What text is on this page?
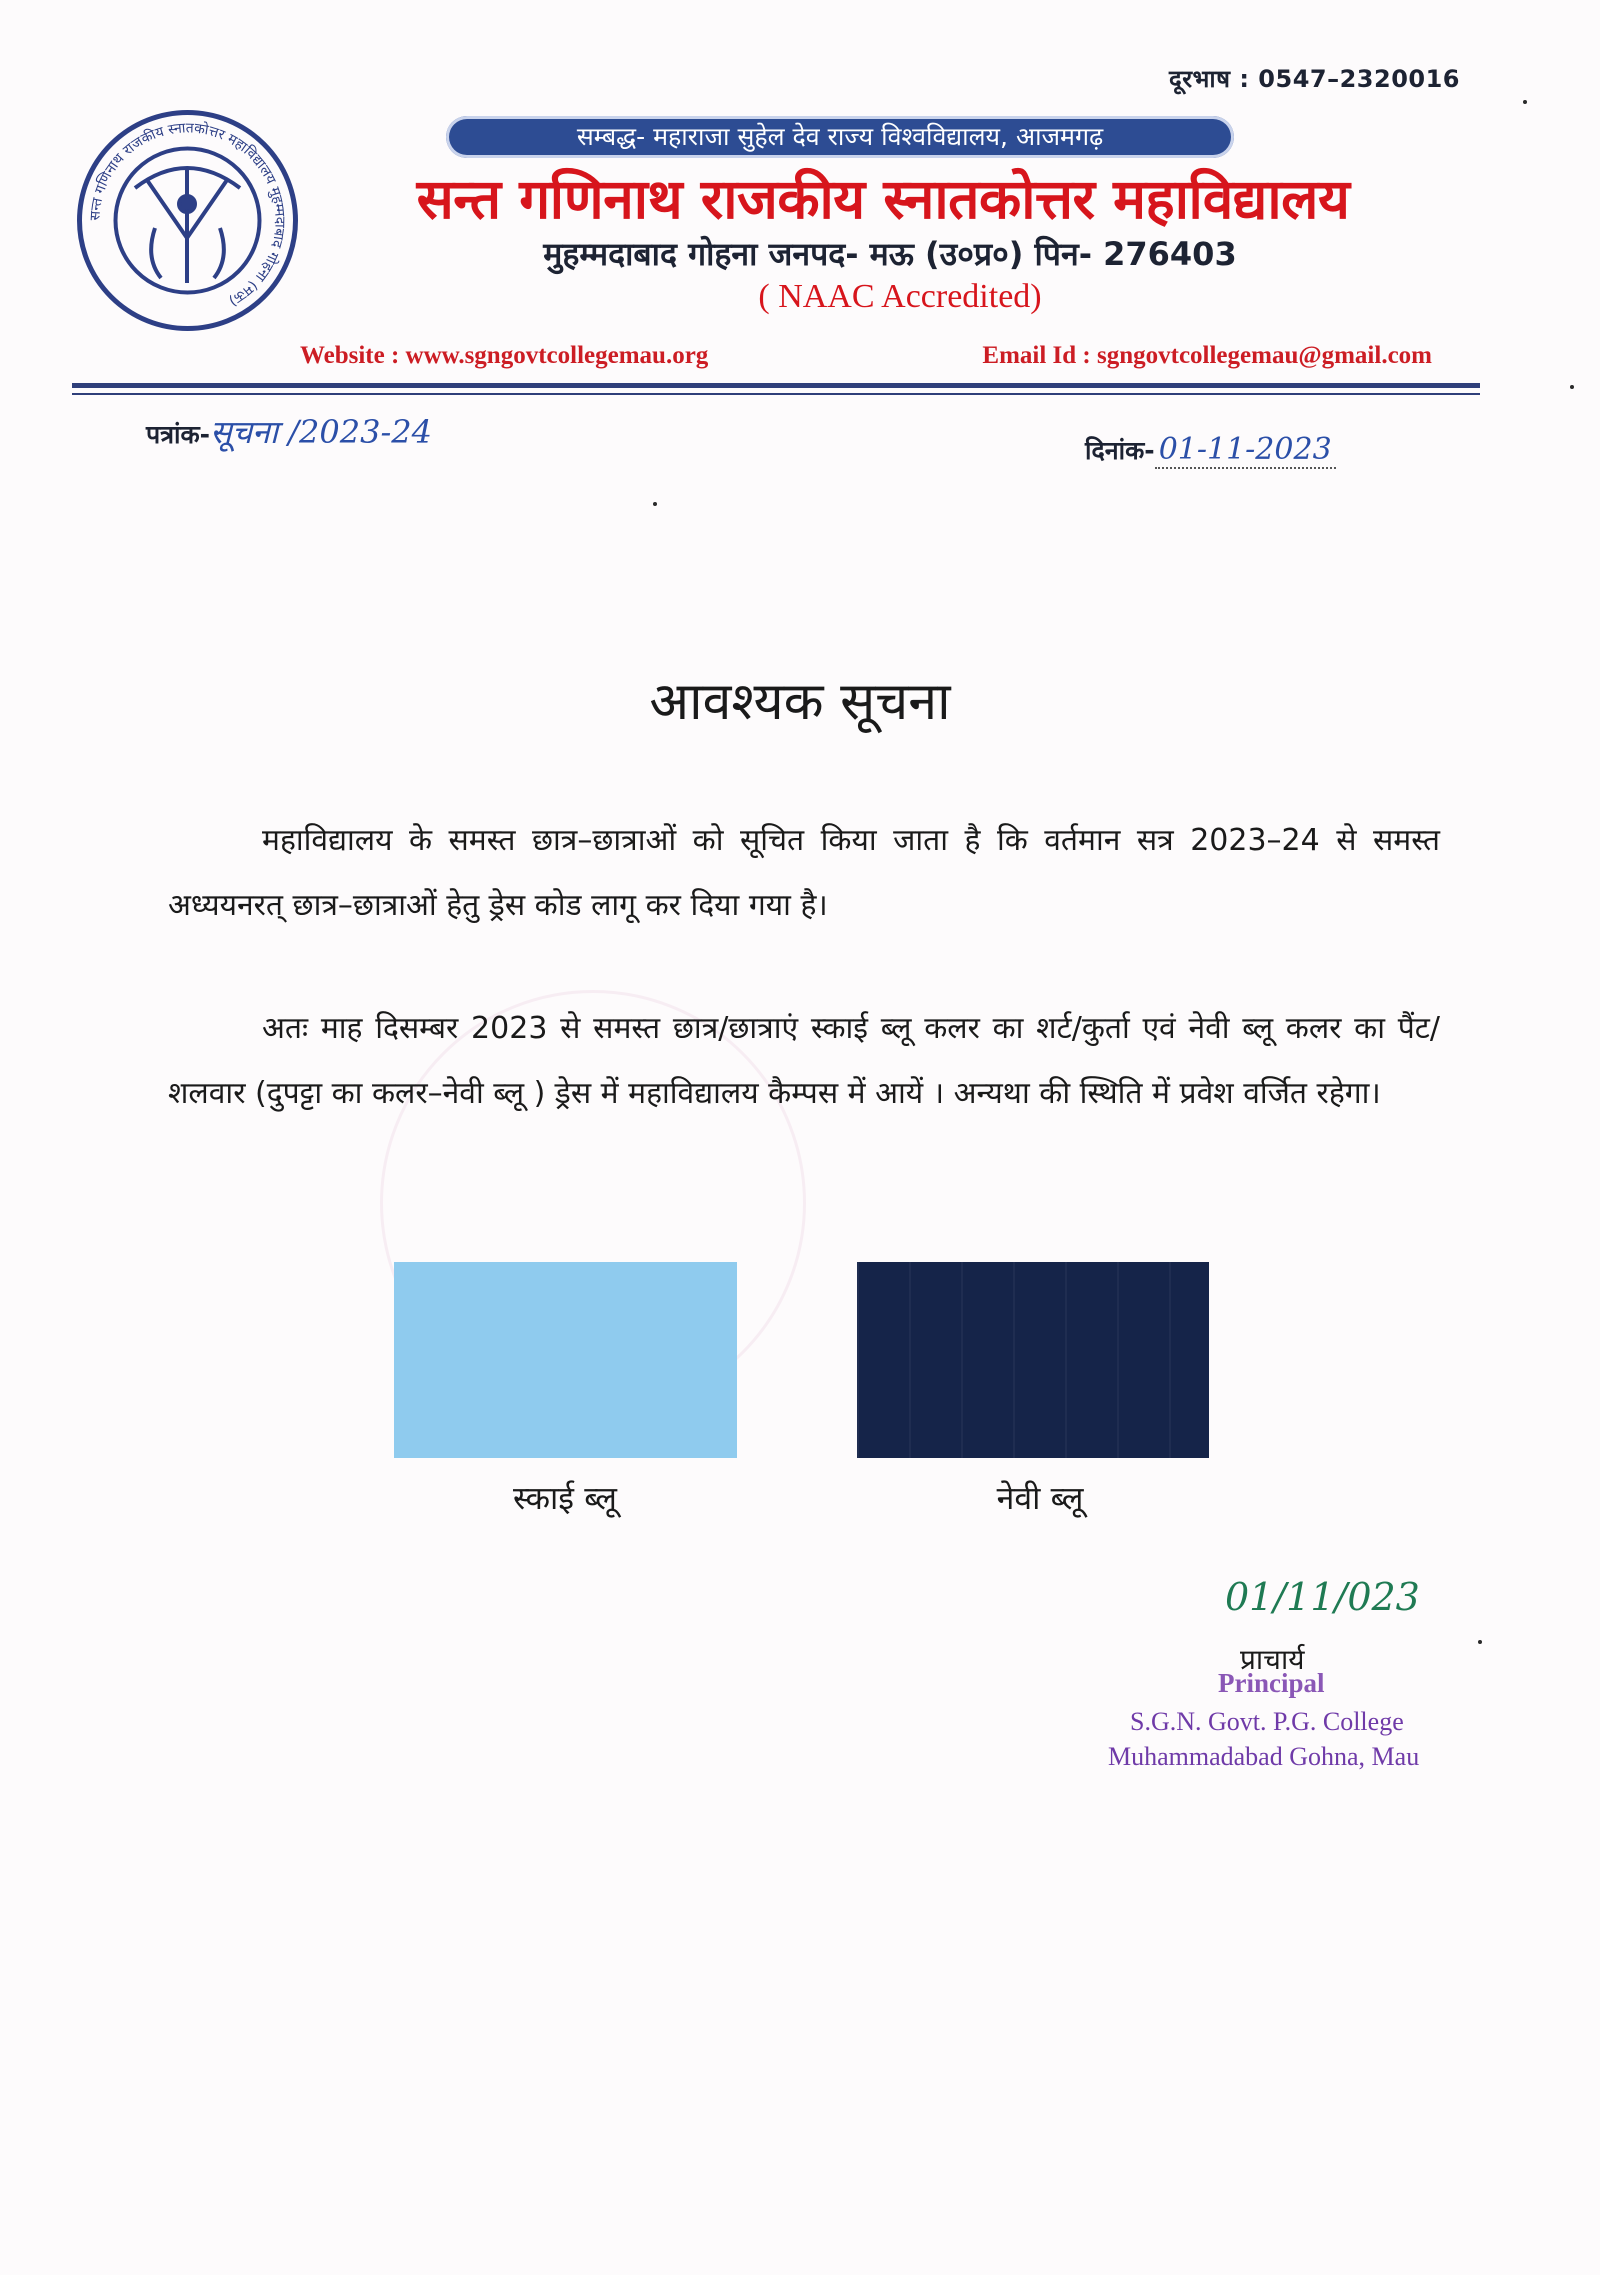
दूरभाष : 0547–2320016
सन्त गणिनाथ राजकीय स्नातकोत्तर महाविद्यालय मुहम्मदाबाद गोहना (मऊ)
सम्बद्ध- महाराजा सुहेल देव राज्य विश्वविद्यालय, आजमगढ़
सन्त गणिनाथ राजकीय स्नातकोत्तर महाविद्यालय
मुहम्मदाबाद गोहना जनपद- मऊ (उ०प्र०) पिन- 276403
( NAAC Accredited)
Website : www.sgngovtcollegemau.org	Email Id : sgngovtcollegemau@gmail.com
पत्रांक-सूचना /2023-24	दिनांक- 01-11-2023
आवश्यक सूचना

महाविद्यालय के समस्त छात्र–छात्राओं को सूचित किया जाता है कि वर्तमान सत्र 2023–24 से समस्त अध्ययनरत् छात्र–छात्राओं हेतु ड्रेस कोड लागू कर दिया गया है।

अतः माह दिसम्बर 2023 से समस्त छात्र/छात्राएं स्काई ब्लू कलर का शर्ट/कुर्ता एवं नेवी ब्लू कलर का पैंट/शलवार (दुपट्टा का कलर–नेवी ब्लू ) ड्रेस में महाविद्यालय कैम्पस में आयें । अन्यथा की स्थिति में प्रवेश वर्जित रहेगा।

स्काई ब्लू	नेवी ब्लू
01/11/023
प्राचार्य
Principal
S.G.N. Govt. P.G. College
Muhammadabad Gohna, Mau
